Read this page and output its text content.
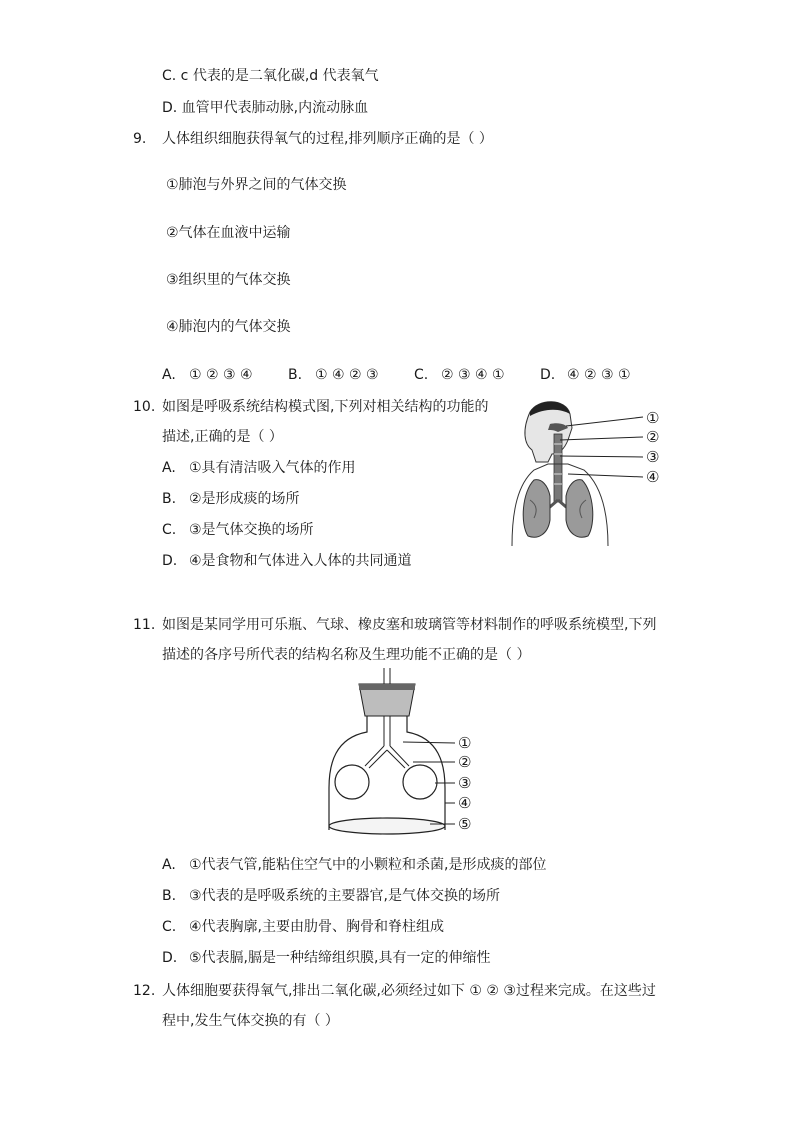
C. c 代表的是二氧化碳,d 代表氧气
D. 血管甲代表肺动脉,内流动脉血
9. 人体组织细胞获得氧气的过程,排列顺序正确的是（ ）
①肺泡与外界之间的气体交换
②气体在血液中运输
③组织里的气体交换
④肺泡内的气体交换
A. ① ② ③ ④	B. ① ④ ② ③	C. ② ③ ④ ①	D. ④ ② ③ ①
10. 如图是呼吸系统结构模式图,下列对相关结构的功能的
描述,正确的是（ ）
A. ①具有清洁吸入气体的作用
B. ②是形成痰的场所
C. ③是气体交换的场所
D. ④是食物和气体进入人体的共同通道
①
②
③
④
11. 如图是某同学用可乐瓶、气球、橡皮塞和玻璃管等材料制作的呼吸系统模型,下列
描述的各序号所代表的结构名称及生理功能不正确的是（ ）
①
②
③
④
⑤
A. ①代表气管,能粘住空气中的小颗粒和杀菌,是形成痰的部位
B. ③代表的是呼吸系统的主要器官,是气体交换的场所
C. ④代表胸廓,主要由肋骨、胸骨和脊柱组成
D. ⑤代表膈,膈是一种结缔组织膜,具有一定的伸缩性
12. 人体细胞要获得氧气,排出二氧化碳,必须经过如下 ① ② ③过程来完成。在这些过
程中,发生气体交换的有（ ）
